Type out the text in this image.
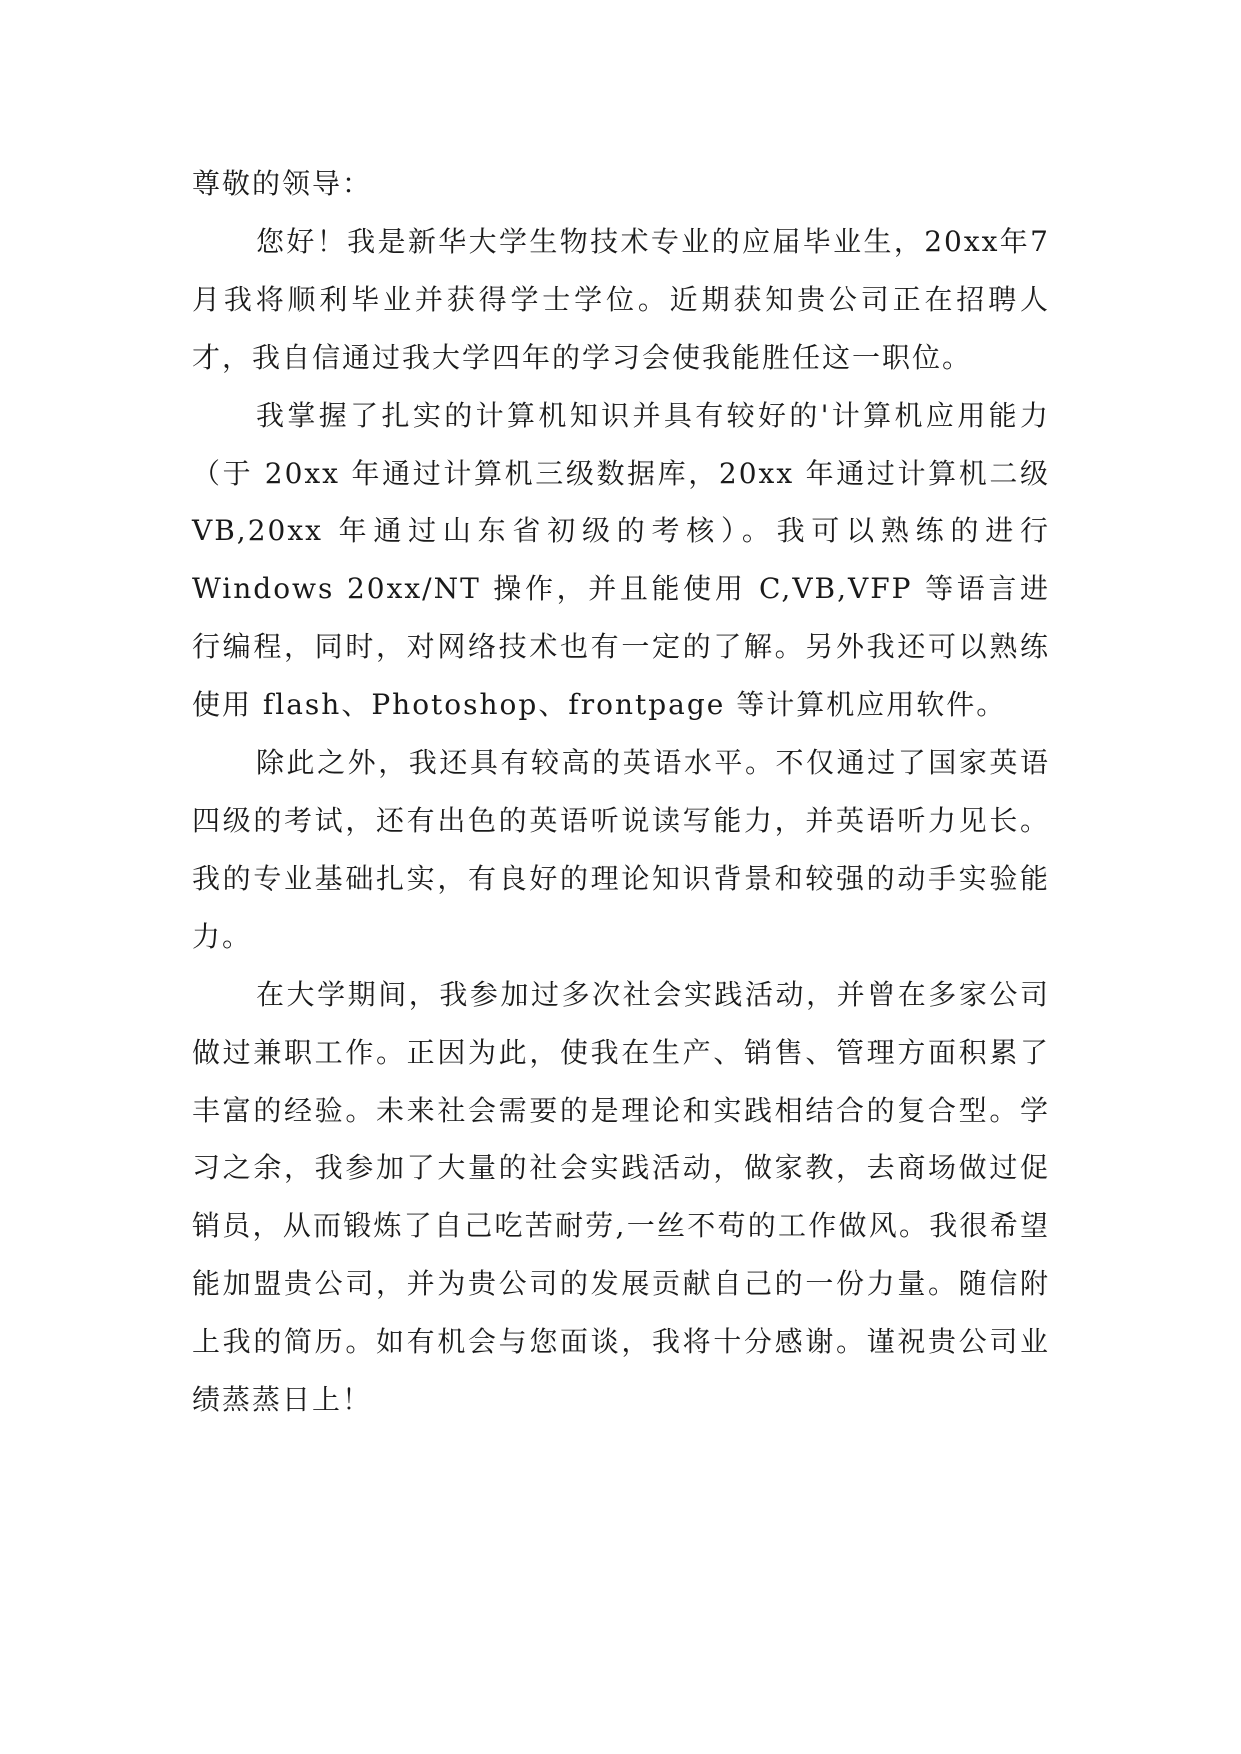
尊敬的领导：

您好！我是新华大学生物技术专业的应届毕业生，20xx年7月我将顺利毕业并获得学士学位。近期获知贵公司正在招聘人才，我自信通过我大学四年的学习会使我能胜任这一职位。

我掌握了扎实的计算机知识并具有较好的'计算机应用能力（于 20xx 年通过计算机三级数据库，20xx 年通过计算机二级 VB,20xx 年通过山东省初级的考核）。我可以熟练的进行 Windows 20xx/NT 操作，并且能使用 C,VB,VFP 等语言进行编程，同时，对网络技术也有一定的了解。另外我还可以熟练使用 flash、Photoshop、frontpage 等计算机应用软件。

除此之外，我还具有较高的英语水平。不仅通过了国家英语四级的考试，还有出色的英语听说读写能力，并英语听力见长。我的专业基础扎实，有良好的理论知识背景和较强的动手实验能力。

在大学期间，我参加过多次社会实践活动，并曾在多家公司做过兼职工作。正因为此，使我在生产、销售、管理方面积累了丰富的经验。未来社会需要的是理论和实践相结合的复合型。学习之余，我参加了大量的社会实践活动，做家教，去商场做过促销员，从而锻炼了自己吃苦耐劳,一丝不苟的工作做风。我很希望能加盟贵公司，并为贵公司的发展贡献自己的一份力量。随信附上我的简历。如有机会与您面谈，我将十分感谢。谨祝贵公司业绩蒸蒸日上！
